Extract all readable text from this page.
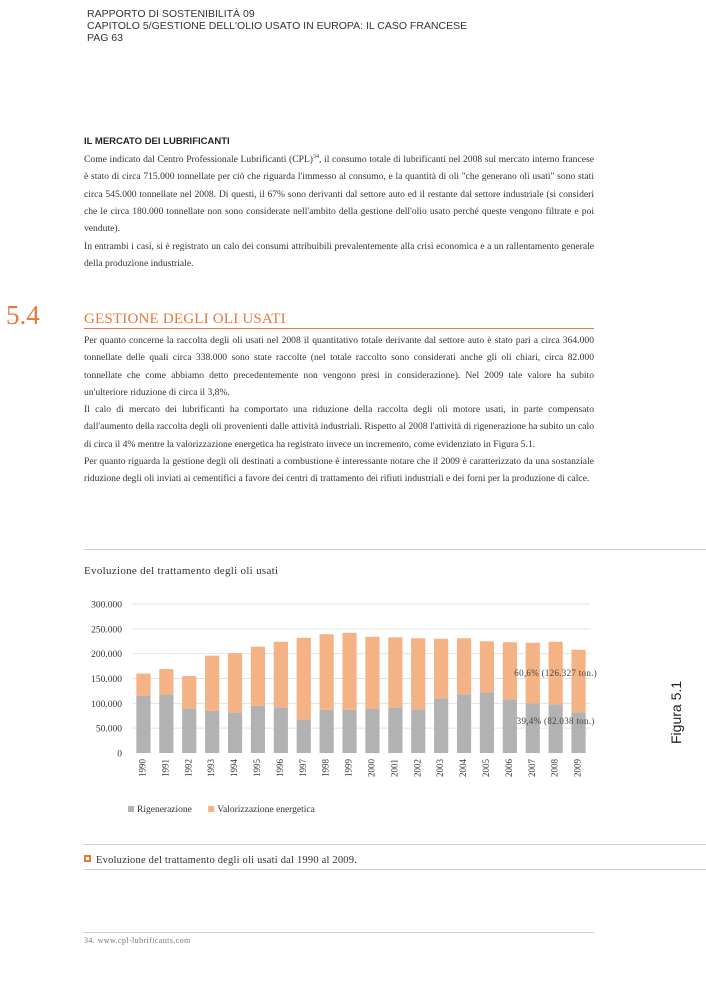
RAPPORTO DI SOSTENIBILITÀ 09
CAPITOLO 5/GESTIONE DELL'OLIO USATO IN EUROPA: IL CASO FRANCESE
PAG 63
IL MERCATO DEI LUBRIFICANTI

Come indicato dal Centro Professionale Lubrificanti (CPL)$^{34}$, il consumo totale di lubrificanti nel 2008 sul mercato interno francese è stato di circa 715.000 tonnellate per ciò che riguarda l'immesso al consumo, e la quantità di oli "che generano oli usati" sono stati circa 545.000 tonnellate nel 2008. Di questi, il 67% sono derivanti dal settore auto ed il restante dal settore industriale (si consideri che le circa 180.000 tonnellate non sono considerate nell'ambito della gestione dell'olio usato perché queste vengono filtrate e poi vendute).

In entrambi i casi, si è registrato un calo dei consumi attribuibili prevalentemente alla crisi economica e a un rallentamento generale della produzione industriale.

5.4	GESTIONE DEGLI OLI USATI

Per quanto concerne la raccolta degli oli usati nel 2008 il quantitativo totale derivante dal settore auto è stato pari a circa 364.000 tonnellate delle quali circa 338.000 sono state raccolte (nel totale raccolto sono considerati anche gli oli chiari, circa 82.000 tonnellate che come abbiamo detto precedentemente non vengono presi in considerazione). Nel 2009 tale valore ha subito un'ulteriore riduzione di circa il 3,8%.

Il calo di mercato dei lubrificanti ha comportato una riduzione della raccolta degli oli motore usati, in parte compensato dall'aumento della raccolta degli oli provenienti dalle attività industriali. Rispetto al 2008 l'attività di rigenerazione ha subito un calo di circa il 4% mentre la valorizzazione energetica ha registrato invece un incremento, come evidenziato in Figura 5.1.

Per quanto riguarda la gestione degli oli destinati a combustione è interessante notare che il 2009 è caratterizzato da una sostanziale riduzione degli oli inviati ai cementifici a favore dei centri di trattamento dei rifiuti industriali e dei forni per la produzione di calce.

Evoluzione del trattamento degli oli usati
0
50.000
100.000
150.000
200.000
250.000
300.000
1990 1991 1992 1993 1994 1995 1996 1997 1998 1999 2000 2001 2002 2003 2004 2005 2006 2007 2008 2009
60,6% (126.327 ton.)
39,4% (82.038 ton.)
Rigenerazione	Valorizzazione energetica
Figura 5.1
Evoluzione del trattamento degli oli usati dal 1990 al 2009.
34. www.cpl-lubrificants.com
